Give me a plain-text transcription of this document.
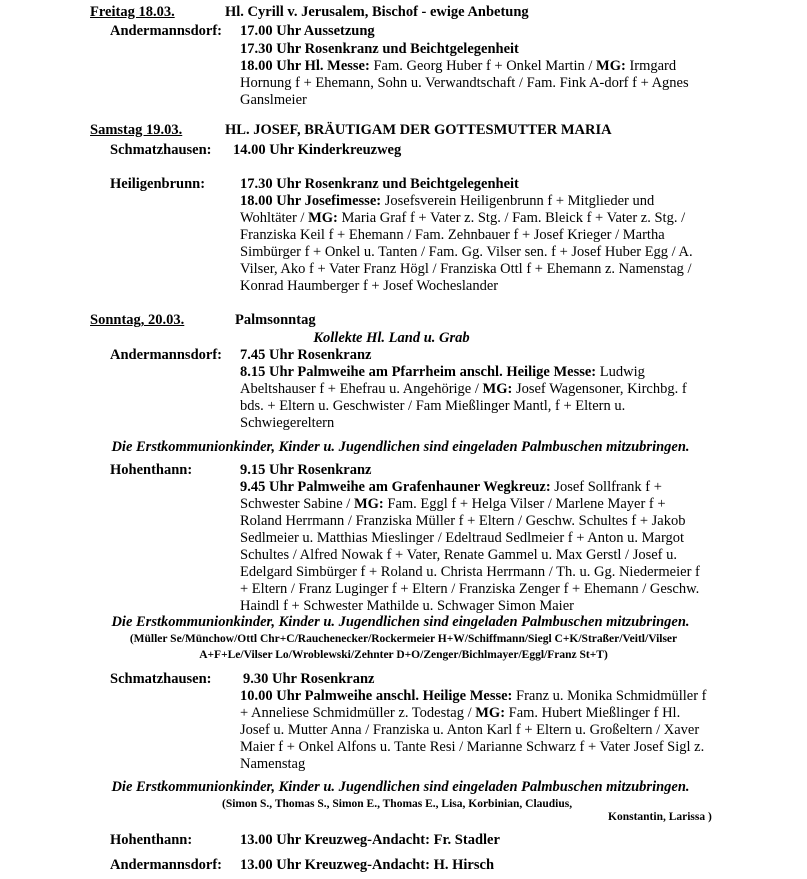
Freitag 18.03.	Hl. Cyrill v. Jerusalem, Bischof - ewige Anbetung
Andermannsdorf: 17.00 Uhr Aussetzung
17.30 Uhr Rosenkranz und Beichtgelegenheit
18.00 Uhr Hl. Messe: Fam. Georg Huber f + Onkel Martin / MG: Irmgard
Hornung f + Ehemann, Sohn u. Verwandtschaft / Fam. Fink A-dorf f + Agnes
Ganslmeier
Samstag 19.03.	HL. JOSEF, BRÄUTIGAM DER GOTTESMUTTER MARIA
Schmatzhausen: 14.00 Uhr Kinderkreuzweg
Heiligenbrunn: 17.30 Uhr Rosenkranz und Beichtgelegenheit
18.00 Uhr Josefimesse: Josefsverein Heiligenbrunn f + Mitglieder und
Wohltäter / MG: Maria Graf f + Vater z. Stg. / Fam. Bleick f + Vater z. Stg. /
Franziska Keil f + Ehemann / Fam. Zehnbauer f + Josef Krieger / Martha
Simbürger f + Onkel u. Tanten / Fam. Gg. Vilser sen. f + Josef Huber Egg / A.
Vilser, Ako f + Vater Franz Högl / Franziska Ottl f + Ehemann z. Namenstag /
Konrad Haumberger f + Josef Wocheslander
Sonntag, 20.03.	Palmsonntag
Kollekte Hl. Land u. Grab
Andermannsdorf: 7.45 Uhr Rosenkranz
8.15 Uhr Palmweihe am Pfarrheim anschl. Heilige Messe: Ludwig
Abeltshauser f + Ehefrau u. Angehörige / MG: Josef Wagensoner, Kirchbg. f
bds. + Eltern u. Geschwister / Fam Mießlinger Mantl, f + Eltern u.
Schwiegereltern
Die Erstkommunionkinder, Kinder u. Jugendlichen sind eingeladen Palmbuschen mitzubringen.
Hohenthann:	9.15 Uhr Rosenkranz
9.45 Uhr Palmweihe am Grafenhauner Wegkreuz: Josef Sollfrank f +
Schwester Sabine / MG: Fam. Eggl f + Helga Vilser / Marlene Mayer f +
Roland Herrmann / Franziska Müller f + Eltern / Geschw. Schultes f + Jakob
Sedlmeier u. Matthias Mieslinger / Edeltraud Sedlmeier f + Anton u. Margot
Schultes / Alfred Nowak f + Vater, Renate Gammel u. Max Gerstl / Josef u.
Edelgard Simbürger f + Roland u. Christa Herrmann / Th. u. Gg. Niedermeier f
+ Eltern / Franz Luginger f + Eltern / Franziska Zenger f + Ehemann / Geschw.
Haindl f + Schwester Mathilde u. Schwager Simon Maier
Die Erstkommunionkinder, Kinder u. Jugendlichen sind eingeladen Palmbuschen mitzubringen.
(Müller Se/Münchow/Ottl Chr+C/Rauchenecker/Rockermeier H+W/Schiffmann/Siegl C+K/Straßer/Veitl/Vilser
A+F+Le/Vilser Lo/Wroblewski/Zehnter D+O/Zenger/Bichlmayer/Eggl/Franz St+T)
Schmatzhausen: 9.30 Uhr Rosenkranz
10.00 Uhr Palmweihe anschl. Heilige Messe: Franz u. Monika Schmidmüller f
+ Anneliese Schmidmüller z. Todestag / MG: Fam. Hubert Mießlinger f Hl.
Josef u. Mutter Anna / Franziska u. Anton Karl f + Eltern u. Großeltern / Xaver
Maier f + Onkel Alfons u. Tante Resi / Marianne Schwarz f + Vater Josef Sigl z.
Namenstag
Die Erstkommunionkinder, Kinder u. Jugendlichen sind eingeladen Palmbuschen mitzubringen.
(Simon S., Thomas S., Simon E., Thomas E., Lisa, Korbinian, Claudius,
Konstantin, Larissa )
Hohenthann:	13.00 Uhr Kreuzweg-Andacht: Fr. Stadler
Andermannsdorf: 13.00 Uhr Kreuzweg-Andacht: H. Hirsch
